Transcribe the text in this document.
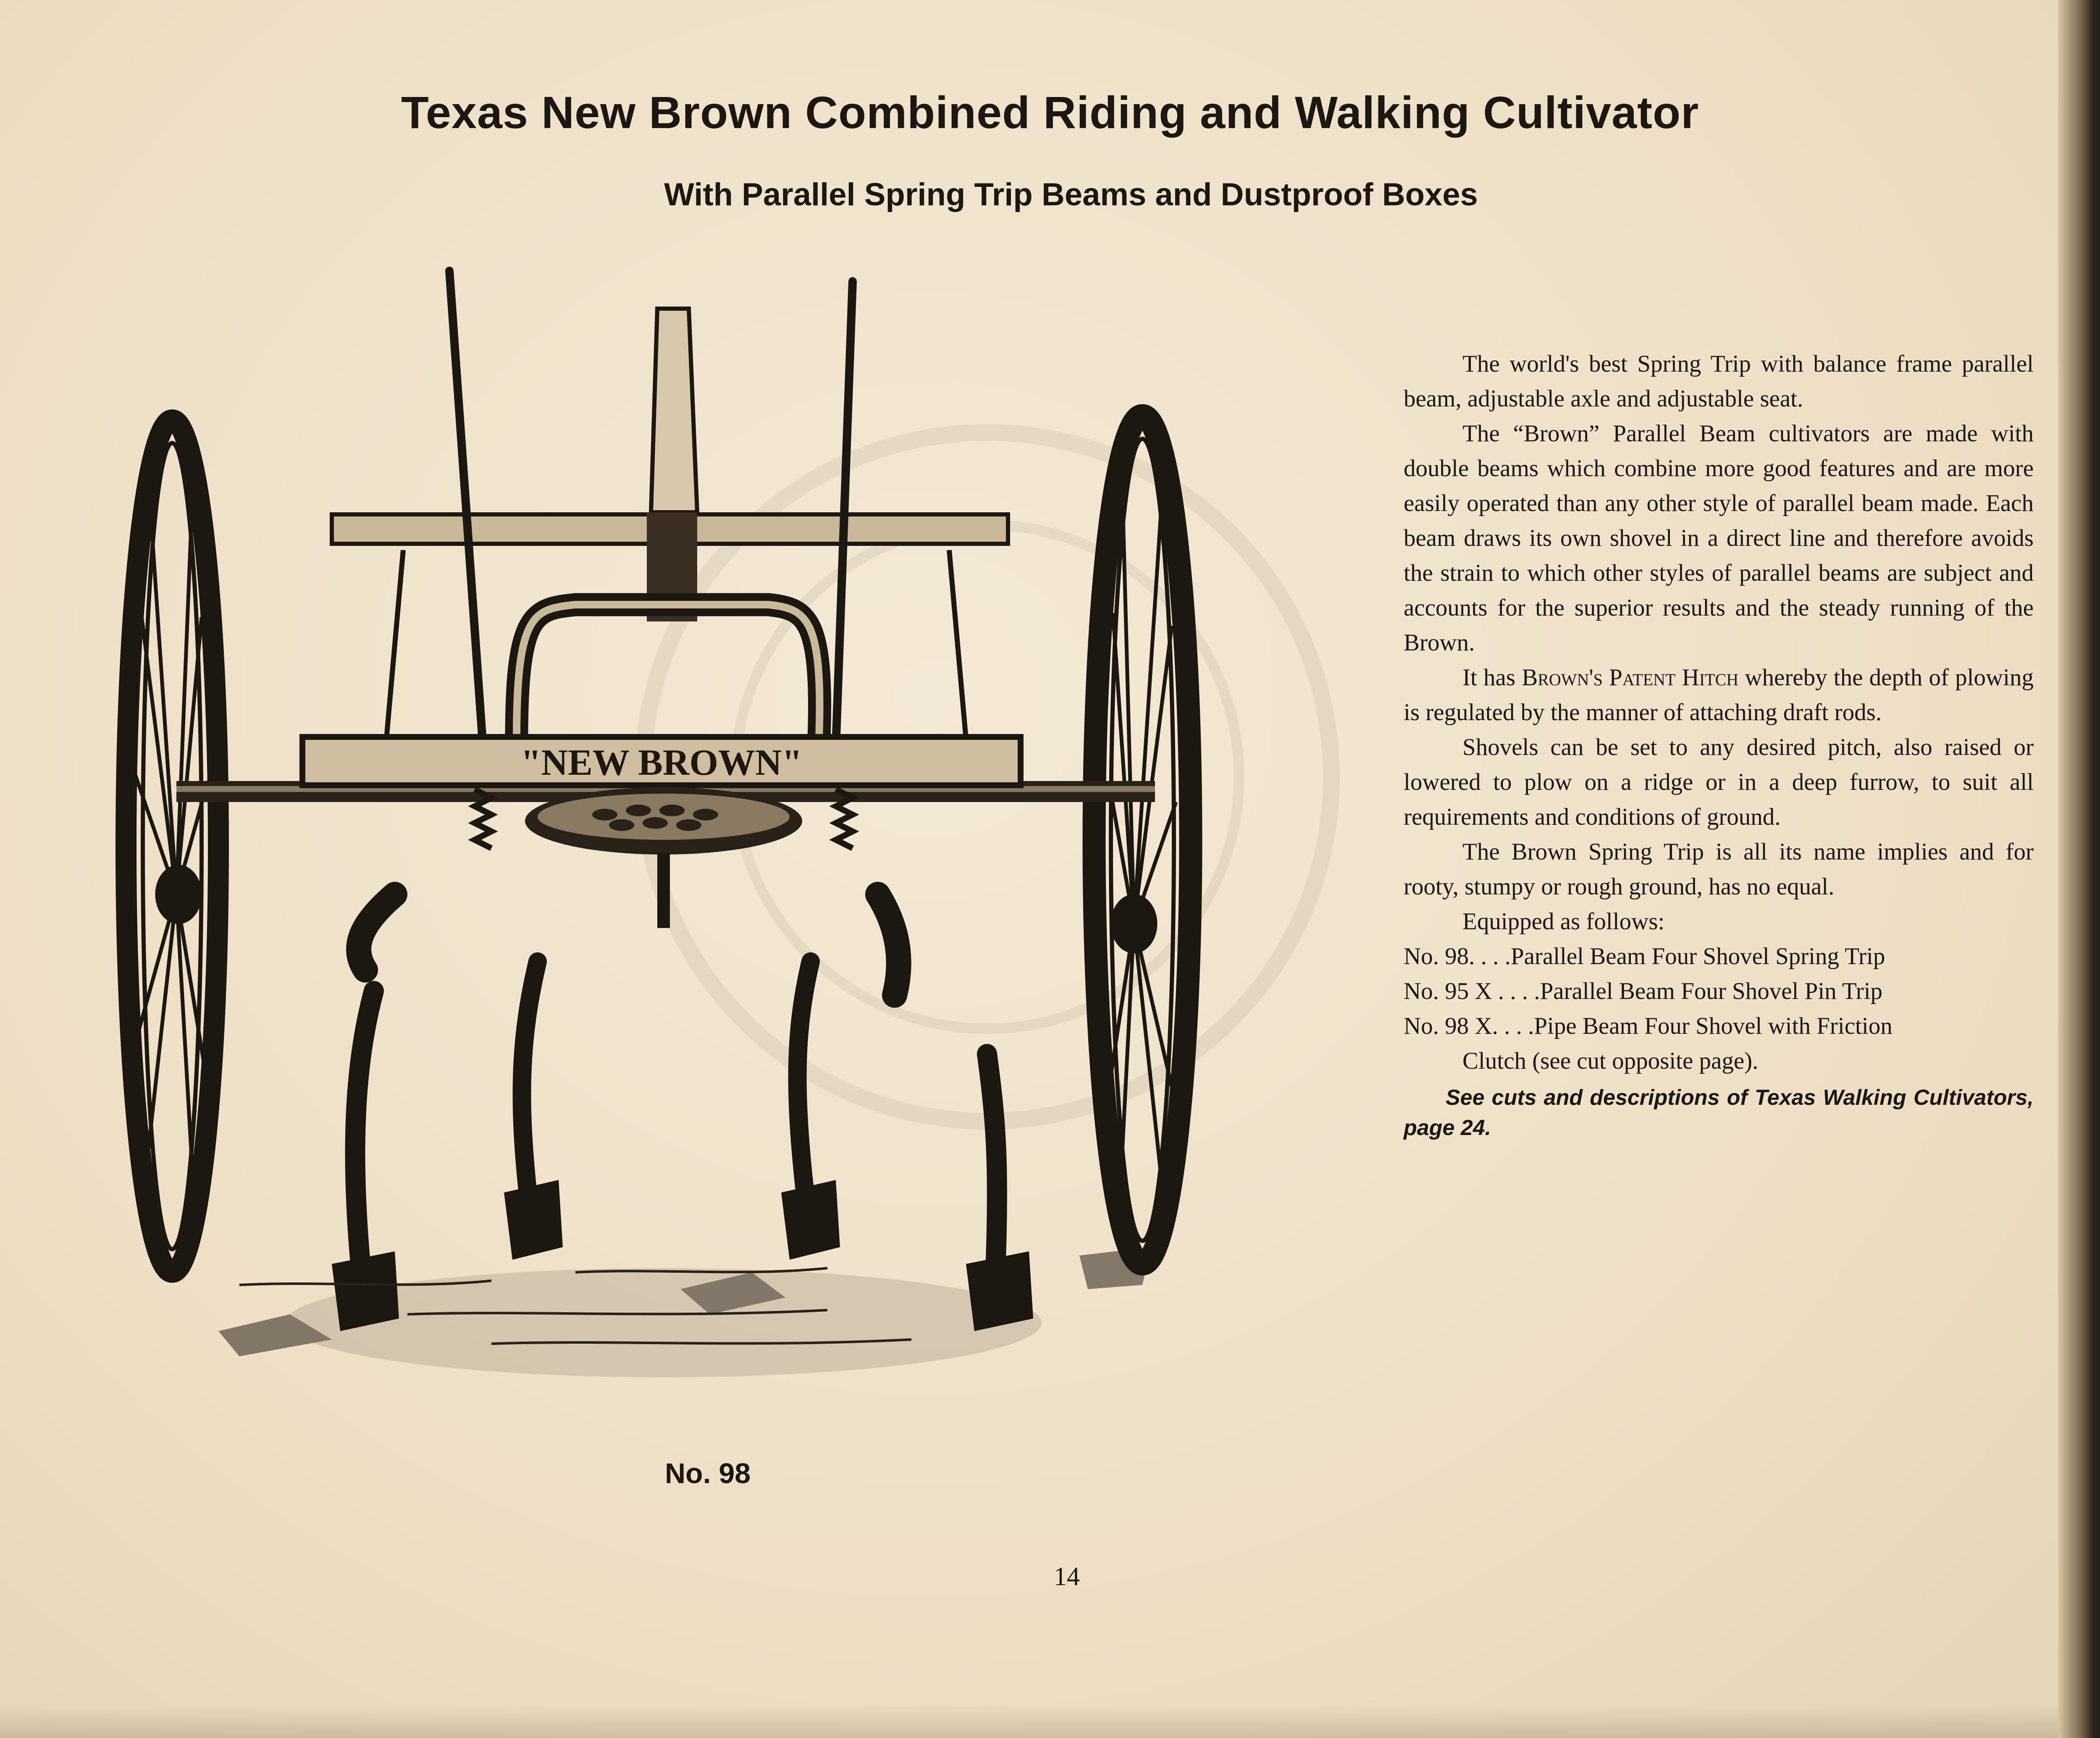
Texas New Brown Combined Riding and Walking Cultivator
With Parallel Spring Trip Beams and Dustproof Boxes
"NEW BROWN"
No. 98

The world's best Spring Trip with balance frame parallel beam, adjustable axle and adjustable seat.

The “Brown” Parallel Beam cultivators are made with double beams which combine more good features and are more easily operated than any other style of parallel beam made. Each beam draws its own shovel in a direct line and therefore avoids the strain to which other styles of parallel beams are subject and accounts for the superior results and the steady running of the Brown.

It has Brown's Patent Hitch whereby the depth of plowing is regulated by the manner of attaching draft rods.

Shovels can be set to any desired pitch, also raised or lowered to plow on a ridge or in a deep furrow, to suit all requirements and conditions of ground.

The Brown Spring Trip is all its name implies and for rooty, stumpy or rough ground, has no equal.

Equipped as follows:

No. 98. . . .Parallel Beam Four Shovel Spring Trip

No. 95 X . . . .Parallel Beam Four Shovel Pin Trip

No. 98 X. . . .Pipe Beam Four Shovel with Friction

Clutch (see cut opposite page).

See cuts and descriptions of Texas Walking Cultivators, page 24.

14
